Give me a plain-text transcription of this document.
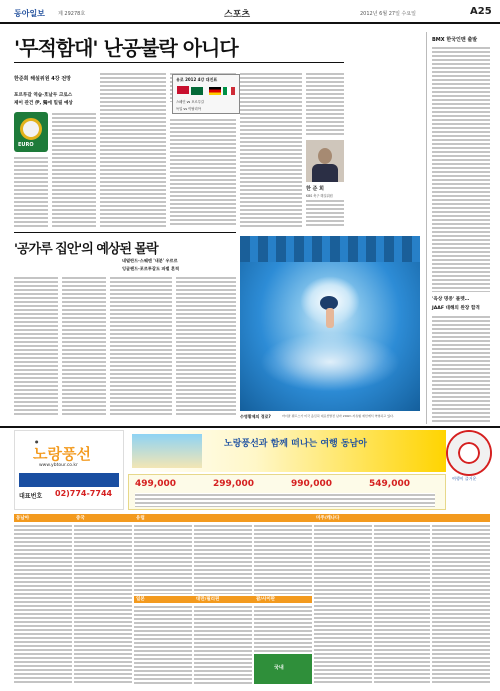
동아일보	제 29278호	스포츠	2012년 6월 27일 수요일	A25
'무적함대' 난공불락 아니다
한준희 해설위원 4강 전망
포르투갈 역습·호날두 크로스
제어 관건 伊, 獨에 밀릴 예상
EURO
유로 2012 4강 대진표
스페인 vs 포르투갈
독일 vs 이탈리아
한 준 희
KBS 축구 해설위원
'공가루 집안'의 예상된 몰락
네덜란드·스웨덴 '내분' 우르르
잉글랜드·포르투갈도 파벌 흔적
수영황제의 경로?	마이클 펠프스가 미국 올림픽 대표선발전 남자 200m 자유형 예선에서 역영하고 있다.
BMX 한국인맨 출발
'육상 명중' 블렛…
JAAF 대해의 완장 합격
●
노랑풍선
www.ybtour.co.kr
대표번호 02)774-7744
노랑풍선과 함께 떠나는 여행 동남아
여행이 즐거운
499,000	299,000	990,000	549,000
동남아	중국	유럽	미주/캐나다
일본	대만/필리핀	괌/사이판
국내
